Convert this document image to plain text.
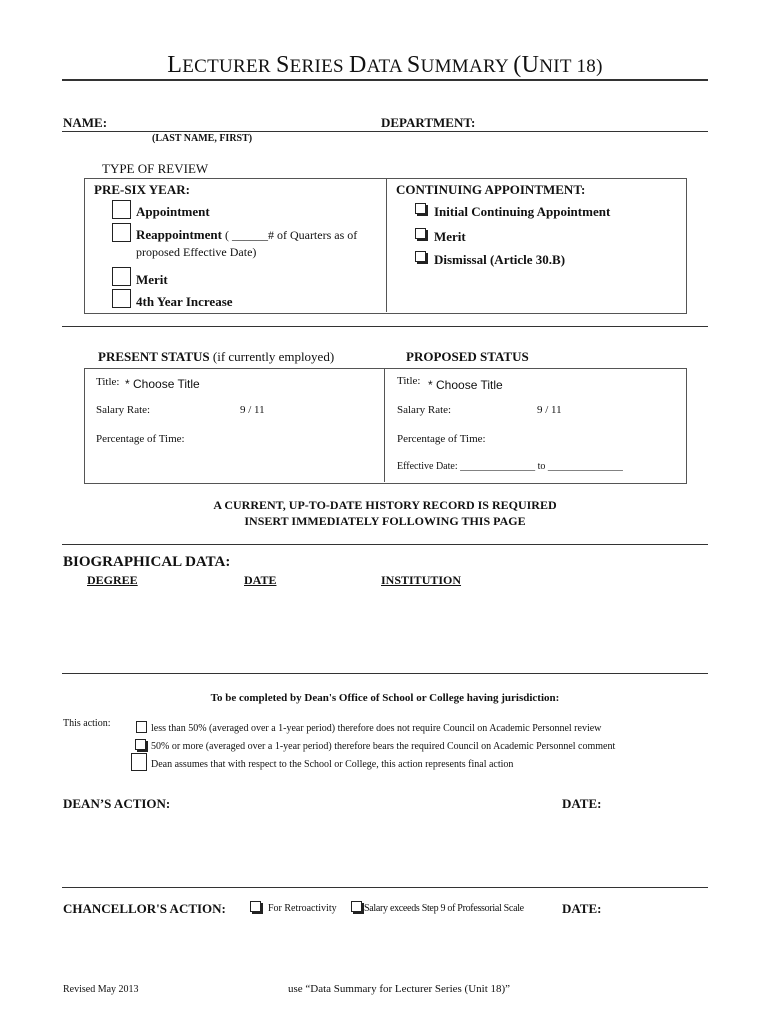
LECTURER SERIES DATA SUMMARY (UNIT 18)
NAME:	DEPARTMENT:
(LAST NAME, FIRST)
TYPE OF REVIEW
PRE-SIX YEAR:
Appointment
Reappointment ( ______# of Quarters as of
proposed Effective Date)
Merit
4th Year Increase
CONTINUING APPOINTMENT:
Initial Continuing Appointment
Merit
Dismissal (Article 30.B)
PRESENT STATUS (if currently employed)	PROPOSED STATUS
Title: * Choose Title
Salary Rate:	9 / 11
Percentage of Time:
Title: * Choose Title
Salary Rate:	9 / 11
Percentage of Time:
Effective Date: _______________ to _______________
A CURRENT, UP-TO-DATE HISTORY RECORD IS REQUIRED
INSERT IMMEDIATELY FOLLOWING THIS PAGE
BIOGRAPHICAL DATA:
DEGREE	DATE	INSTITUTION
To be completed by Dean's Office of School or College having jurisdiction:
This action:	less than 50% (averaged over a 1-year period) therefore does not require Council on Academic Personnel review
50% or more (averaged over a 1-year period) therefore bears the required Council on Academic Personnel comment
Dean assumes that with respect to the School or College, this action represents final action
DEAN’S ACTION:	DATE:
CHANCELLOR'S ACTION:	For Retroactivity	Salary exceeds Step 9 of Professorial Scale	DATE:
Revised May 2013	use “Data Summary for Lecturer Series (Unit 18)”
